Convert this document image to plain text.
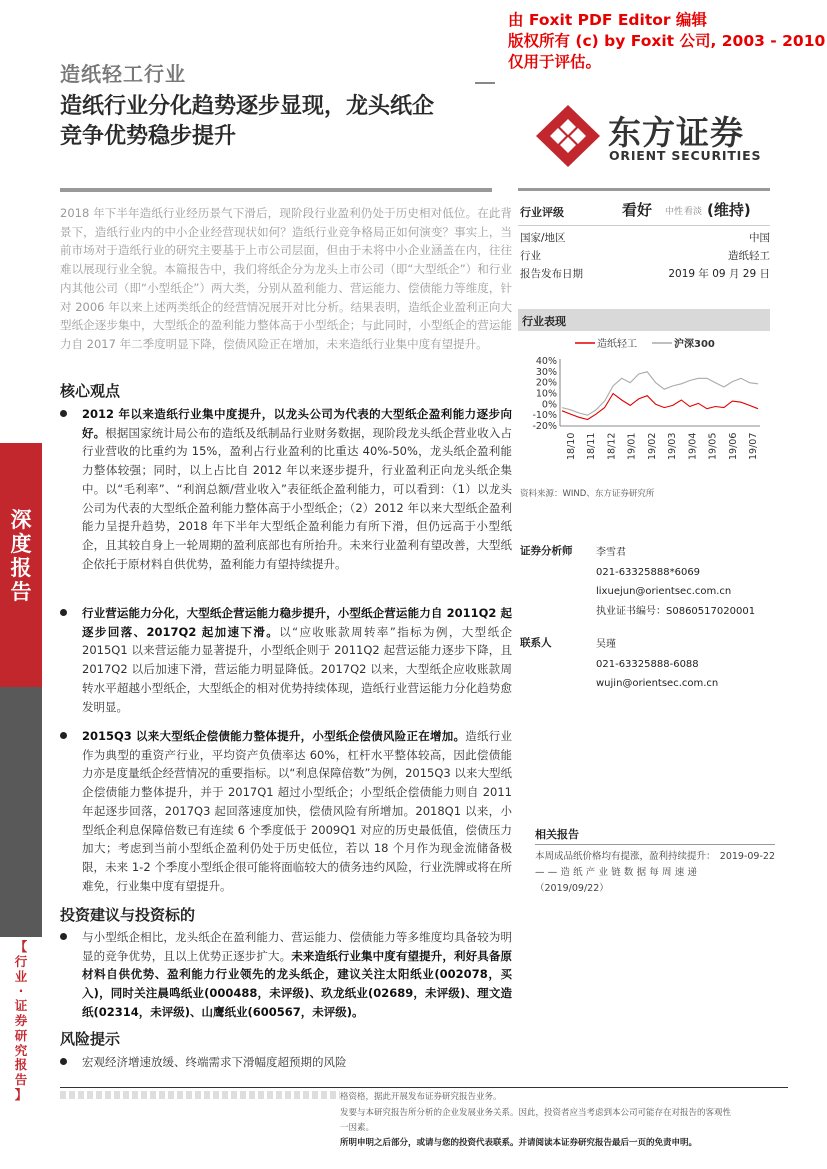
由 Foxit PDF Editor 编辑
版权所有 (c) by Foxit 公司, 2003 - 2010
仅用于评估。
造纸轻工行业
造纸行业分化趋势逐步显现，龙头纸企
竞争优势稳步提升	东方证券
ORIENT SECURITIES
2018 年下半年造纸行业经历景气下滑后，现阶段行业盈利仍处于历史相对低位。在此背景下，造纸行业内的中小企业经营现状如何？造纸行业竞争格局正如何演变？事实上，当前市场对于造纸行业的研究主要基于上市公司层面，但由于未将中小企业涵盖在内，往往难以展现行业全貌。本篇报告中，我们将纸企分为龙头上市公司（即“大型纸企”）和行业内其他公司（即“小型纸企”）两大类，分别从盈利能力、营运能力、偿债能力等维度，针对 2006 年以来上述两类纸企的经营情况展开对比分析。结果表明，造纸企业盈利正向大型纸企逐步集中，大型纸企的盈利能力整体高于小型纸企；与此同时，小型纸企的营运能力自 2017 年二季度明显下降，偿债风险正在增加，未来造纸行业集中度有望提升。
核心观点
2012 年以来造纸行业集中度提升，以龙头公司为代表的大型纸企盈利能力逐步向好。根据国家统计局公布的造纸及纸制品行业财务数据，现阶段龙头纸企营业收入占行业营收的比重约为 15%，盈利占行业盈利的比重达 40%-50%，龙头纸企盈利能力整体较强；同时，以上占比自 2012 年以来逐步提升，行业盈利正向龙头纸企集中。以“毛利率”、“利润总额/营业收入”表征纸企盈利能力，可以看到：（1）以龙头公司为代表的大型纸企盈利能力整体高于小型纸企；（2）2012 年以来大型纸企盈利能力呈提升趋势，2018 年下半年大型纸企盈利能力有所下滑，但仍远高于小型纸企，且其较自身上一轮周期的盈利底部也有所抬升。未来行业盈利有望改善，大型纸企依托于原材料自供优势，盈利能力有望持续提升。
行业营运能力分化，大型纸企营运能力稳步提升，小型纸企营运能力自 2011Q2 起逐步回落、2017Q2 起加速下滑。以“应收账款周转率”指标为例，大型纸企 2015Q1 以来营运能力显著提升，小型纸企则于 2011Q2 起营运能力逐步下降，且 2017Q2 以后加速下滑，营运能力明显降低。2017Q2 以来，大型纸企应收账款周转水平超越小型纸企，大型纸企的相对优势持续体现，造纸行业营运能力分化趋势愈发明显。
2015Q3 以来大型纸企偿债能力整体提升，小型纸企偿债风险正在增加。造纸行业作为典型的重资产行业，平均资产负债率达 60%，杠杆水平整体较高，因此偿债能力亦是度量纸企经营情况的重要指标。以“利息保障倍数”为例，2015Q3 以来大型纸企偿债能力整体提升，并于 2017Q1 超过小型纸企；小型纸企偿债能力则自 2011 年起逐步回落，2017Q3 起回落速度加快，偿债风险有所增加。2018Q1 以来，小型纸企利息保障倍数已有连续 6 个季度低于 2009Q1 对应的历史最低值，偿债压力加大；考虑到当前小型纸企盈利仍处于历史低位，若以 18 个月作为现金流储备极限，未来 1-2 个季度小型纸企很可能将面临较大的债务违约风险，行业洗牌或将在所难免，行业集中度有望提升。
投资建议与投资标的
与小型纸企相比，龙头纸企在盈利能力、营运能力、偿债能力等多维度均具备较为明显的竞争优势，且以上优势正逐步扩大。未来造纸行业集中度有望提升，利好具备原材料自供优势、盈利能力行业领先的龙头纸企，建议关注太阳纸业(002078，买入)，同时关注晨鸣纸业(000488，未评级)、玖龙纸业(02689，未评级)、理文造纸(02314，未评级)、山鹰纸业(600567，未评级)。
风险提示
宏观经济增速放缓、终端需求下滑幅度超预期的风险
深
度
报
告
【
行
业
·
证
券
研
究
报
告
】
行业评级	看好 中性 看淡 (维持)
国家/地区	中国
行业	造纸轻工
报告发布日期	2019 年 09 月 29 日
行业表现
造纸轻工	沪深300
40%
30%
20%
10%
0%
-10%
-20%
18/10 18/11 18/12 19/01 19/02 19/03 19/04 19/05 19/06 19/07
资料来源：WIND、东方证券研究所
证券分析师 李雪君
021-63325888*6069
lixuejun@orientsec.com.cn
执业证书编号：S0860517020001
联系人	吴瑾
021-63325888-6088
wujin@orientsec.com.cn
相关报告
本周成品纸价格均有提涨，盈利持续提升： 2019-09-22
——造纸产业链数据每周速递
（2019/09/22）
格资格，据此开展发布证券研究报告业务。
发要与本研究报告所分析的企业发展业务关系。因此，投资者应当考虑到本公司可能存在对报告的客观性
一因素。
所明申明之后部分，或请与您的投资代表联系。并请阅读本证券研究报告最后一页的免责申明。
